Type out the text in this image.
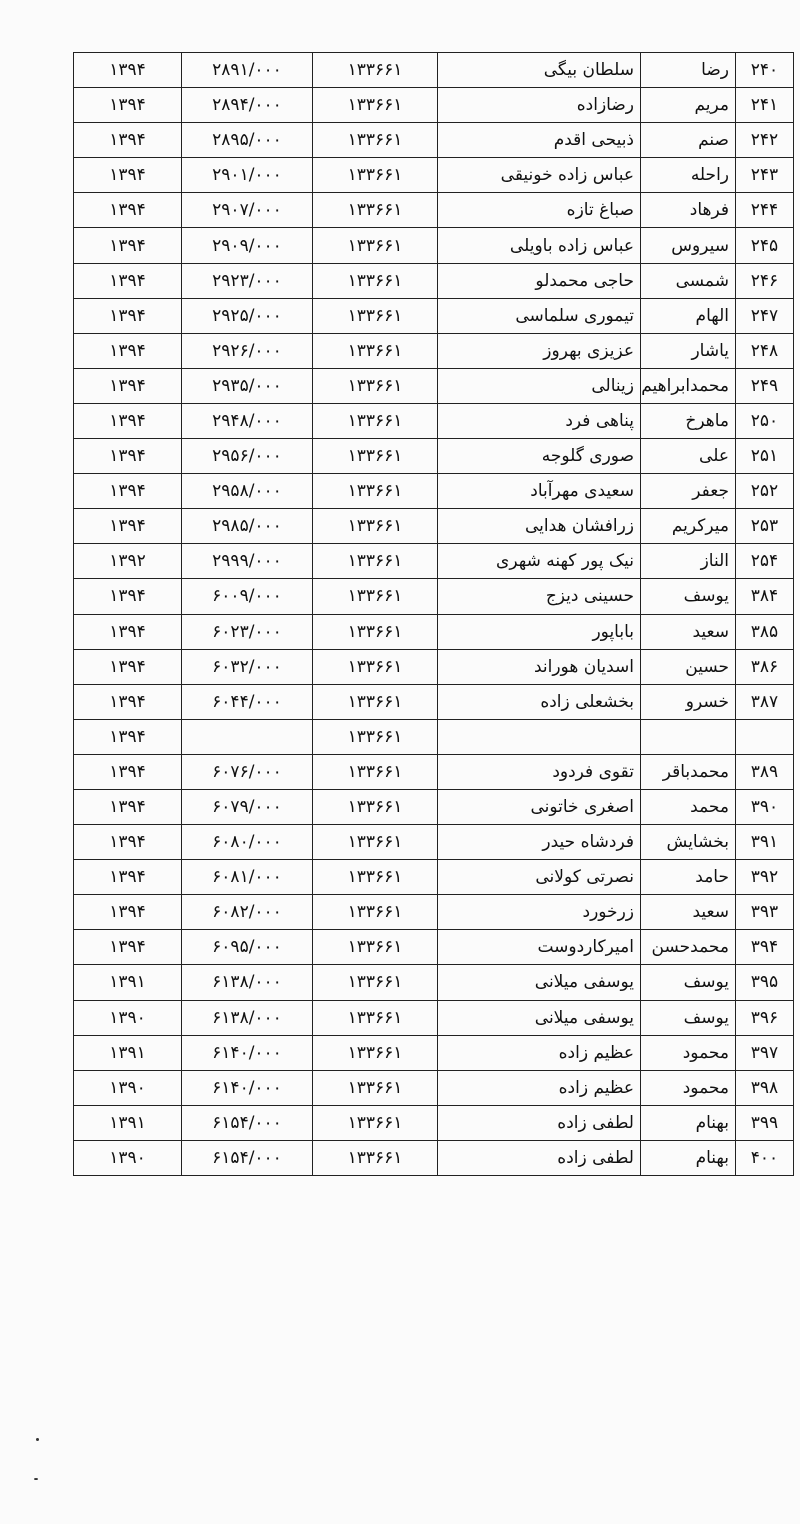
۲۴۰	رضا	سلطان بیگی	۱۳۳۶۶۱	۲۸۹۱/۰۰۰	۱۳۹۴
۲۴۱	مریم	رضازاده	۱۳۳۶۶۱	۲۸۹۴/۰۰۰	۱۳۹۴
۲۴۲	صنم	ذبیحی اقدم	۱۳۳۶۶۱	۲۸۹۵/۰۰۰	۱۳۹۴
۲۴۳	راحله	عباس زاده خونیقی	۱۳۳۶۶۱	۲۹۰۱/۰۰۰	۱۳۹۴
۲۴۴	فرهاد	صباغ تازه	۱۳۳۶۶۱	۲۹۰۷/۰۰۰	۱۳۹۴
۲۴۵	سیروس	عباس زاده باویلی	۱۳۳۶۶۱	۲۹۰۹/۰۰۰	۱۳۹۴
۲۴۶	شمسی	حاجی محمدلو	۱۳۳۶۶۱	۲۹۲۳/۰۰۰	۱۳۹۴
۲۴۷	الهام	تیموری سلماسی	۱۳۳۶۶۱	۲۹۲۵/۰۰۰	۱۳۹۴
۲۴۸	یاشار	عزیزی بهروز	۱۳۳۶۶۱	۲۹۲۶/۰۰۰	۱۳۹۴
۲۴۹	محمدابراهیم	زینالی	۱۳۳۶۶۱	۲۹۳۵/۰۰۰	۱۳۹۴
۲۵۰	ماهرخ	پناهی فرد	۱۳۳۶۶۱	۲۹۴۸/۰۰۰	۱۳۹۴
۲۵۱	علی	صوری گلوجه	۱۳۳۶۶۱	۲۹۵۶/۰۰۰	۱۳۹۴
۲۵۲	جعفر	سعیدی مهرآباد	۱۳۳۶۶۱	۲۹۵۸/۰۰۰	۱۳۹۴
۲۵۳	میرکریم	زرافشان هدایی	۱۳۳۶۶۱	۲۹۸۵/۰۰۰	۱۳۹۴
۲۵۴	الناز	نیک پور کهنه شهری	۱۳۳۶۶۱	۲۹۹۹/۰۰۰	۱۳۹۲
۳۸۴	یوسف	حسینی دیزج	۱۳۳۶۶۱	۶۰۰۹/۰۰۰	۱۳۹۴
۳۸۵	سعید	باباپور	۱۳۳۶۶۱	۶۰۲۳/۰۰۰	۱۳۹۴
۳۸۶	حسین	اسدیان هوراند	۱۳۳۶۶۱	۶۰۳۲/۰۰۰	۱۳۹۴
۳۸۷	خسرو	بخشعلی زاده	۱۳۳۶۶۱	۶۰۴۴/۰۰۰	۱۳۹۴
			۱۳۳۶۶۱		۱۳۹۴
۳۸۹	محمدباقر	تقوی فردود	۱۳۳۶۶۱	۶۰۷۶/۰۰۰	۱۳۹۴
۳۹۰	محمد	اصغری خاتونی	۱۳۳۶۶۱	۶۰۷۹/۰۰۰	۱۳۹۴
۳۹۱	بخشایش	فردشاه حیدر	۱۳۳۶۶۱	۶۰۸۰/۰۰۰	۱۳۹۴
۳۹۲	حامد	نصرتی کولانی	۱۳۳۶۶۱	۶۰۸۱/۰۰۰	۱۳۹۴
۳۹۳	سعید	زرخورد	۱۳۳۶۶۱	۶۰۸۲/۰۰۰	۱۳۹۴
۳۹۴	محمدحسن	امیرکاردوست	۱۳۳۶۶۱	۶۰۹۵/۰۰۰	۱۳۹۴
۳۹۵	یوسف	یوسفی میلانی	۱۳۳۶۶۱	۶۱۳۸/۰۰۰	۱۳۹۱
۳۹۶	یوسف	یوسفی میلانی	۱۳۳۶۶۱	۶۱۳۸/۰۰۰	۱۳۹۰
۳۹۷	محمود	عظیم زاده	۱۳۳۶۶۱	۶۱۴۰/۰۰۰	۱۳۹۱
۳۹۸	محمود	عظیم زاده	۱۳۳۶۶۱	۶۱۴۰/۰۰۰	۱۳۹۰
۳۹۹	بهنام	لطفی زاده	۱۳۳۶۶۱	۶۱۵۴/۰۰۰	۱۳۹۱
۴۰۰	بهنام	لطفی زاده	۱۳۳۶۶۱	۶۱۵۴/۰۰۰	۱۳۹۰
